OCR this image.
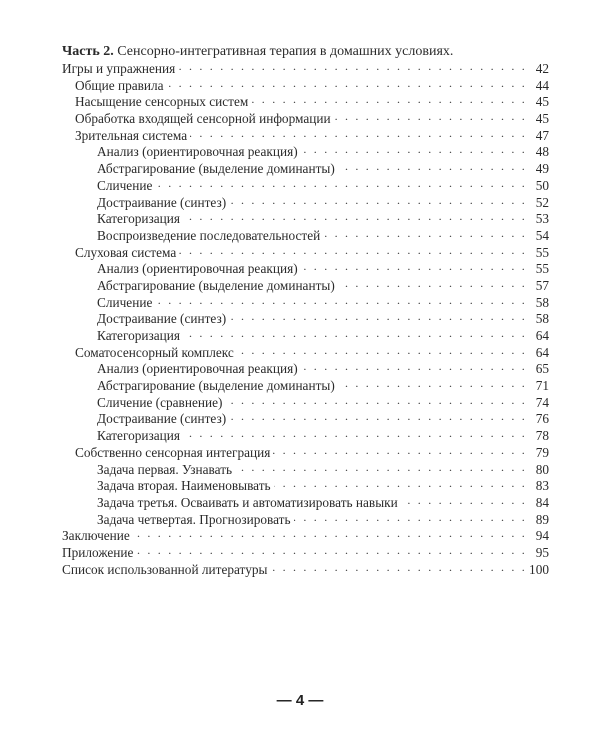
Часть 2. Сенсорно-интегративная терапия в домашних условиях.
Игры и упражнения . . .	42
Общие правила . . .	44
Насыщение сенсорных систем . . .	45
Обработка входящей сенсорной информации . . .	45
Зрительная система . . .	47
Анализ (ориентировочная реакция) . . .	48
Абстрагирование (выделение доминанты) . . .	49
Сличение . . .	50
Достраивание (синтез) . . .	52
Категоризация . . .	53
Воспроизведение последовательностей . . .	54
Слуховая система . . .	55
Анализ (ориентировочная реакция) . . .	55
Абстрагирование (выделение доминанты) . . .	57
Сличение . . .	58
Достраивание (синтез) . . .	58
Категоризация . . .	64
Соматосенсорный комплекс . . .	64
Анализ (ориентировочная реакция) . . .	65
Абстрагирование (выделение доминанты) . . .	71
Сличение (сравнение) . . .	74
Достраивание (синтез) . . .	76
Категоризация . . .	78
Собственно сенсорная интеграция . . .	79
Задача первая. Узнавать . . .	80
Задача вторая. Наименовывать . . .	83
Задача третья. Осваивать и автоматизировать навыки . . .	84
Задача четвертая. Прогнозировать . . .	89
Заключение . . .	94
Приложение . . .	95
Список использованной литературы . . .	100
— 4 —
